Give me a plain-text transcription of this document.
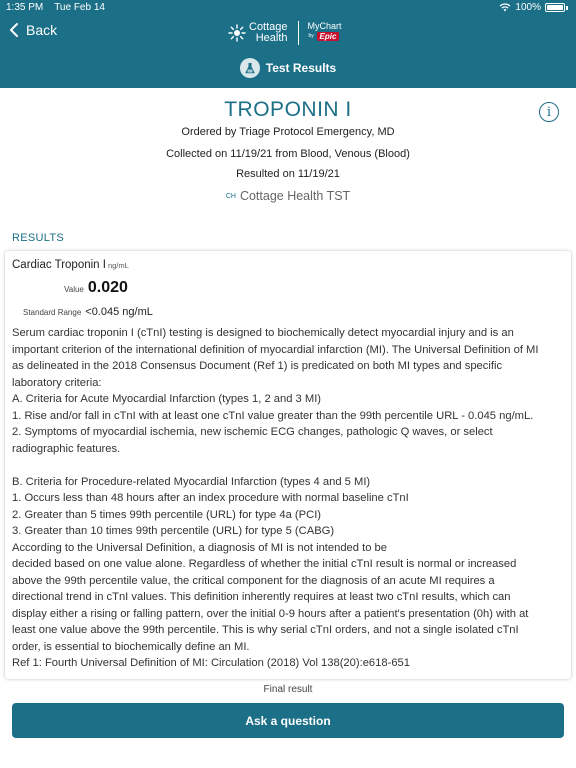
1:35 PM Tue Feb 14	100%
Back	Cottage
Health
MyChart
by Epic
Test Results
TROPONIN I	i
Ordered by Triage Protocol Emergency, MD
Collected on 11/19/21 from Blood, Venous (Blood)
Resulted on 11/19/21
CH Cottage Health TST
RESULTS
Cardiac Troponin I ng/mL
Value 0.020
Standard Range <0.045 ng/mL
Serum cardiac troponin I (cTnI) testing is designed to biochemically detect myocardial injury and is an
important criterion of the international definition of myocardial infarction (MI). The Universal Definition of MI
as delineated in the 2018 Consensus Document (Ref 1) is predicated on both MI types and specific
laboratory criteria:
A. Criteria for Acute Myocardial Infarction (types 1, 2 and 3 MI)
1. Rise and/or fall in cTnI with at least one cTnI value greater than the 99th percentile URL - 0.045 ng/mL.
2. Symptoms of myocardial ischemia, new ischemic ECG changes, pathologic Q waves, or select
radiographic features.
B. Criteria for Procedure-related Myocardial Infarction (types 4 and 5 MI)
1. Occurs less than 48 hours after an index procedure with normal baseline cTnI
2. Greater than 5 times 99th percentile (URL) for type 4a (PCI)
3. Greater than 10 times 99th percentile (URL) for type 5 (CABG)
According to the Universal Definition, a diagnosis of MI is not intended to be
decided based on one value alone. Regardless of whether the initial cTnI result is normal or increased
above the 99th percentile value, the critical component for the diagnosis of an acute MI requires a
directional trend in cTnI values. This definition inherently requires at least two cTnI results, which can
display either a rising or falling pattern, over the initial 0-9 hours after a patient's presentation (0h) with at
least one value above the 99th percentile. This is why serial cTnI orders, and not a single isolated cTnI
order, is essential to biochemically define an MI.
Ref 1: Fourth Universal Definition of MI: Circulation (2018) Vol 138(20):e618-651
Final result
Ask a question
